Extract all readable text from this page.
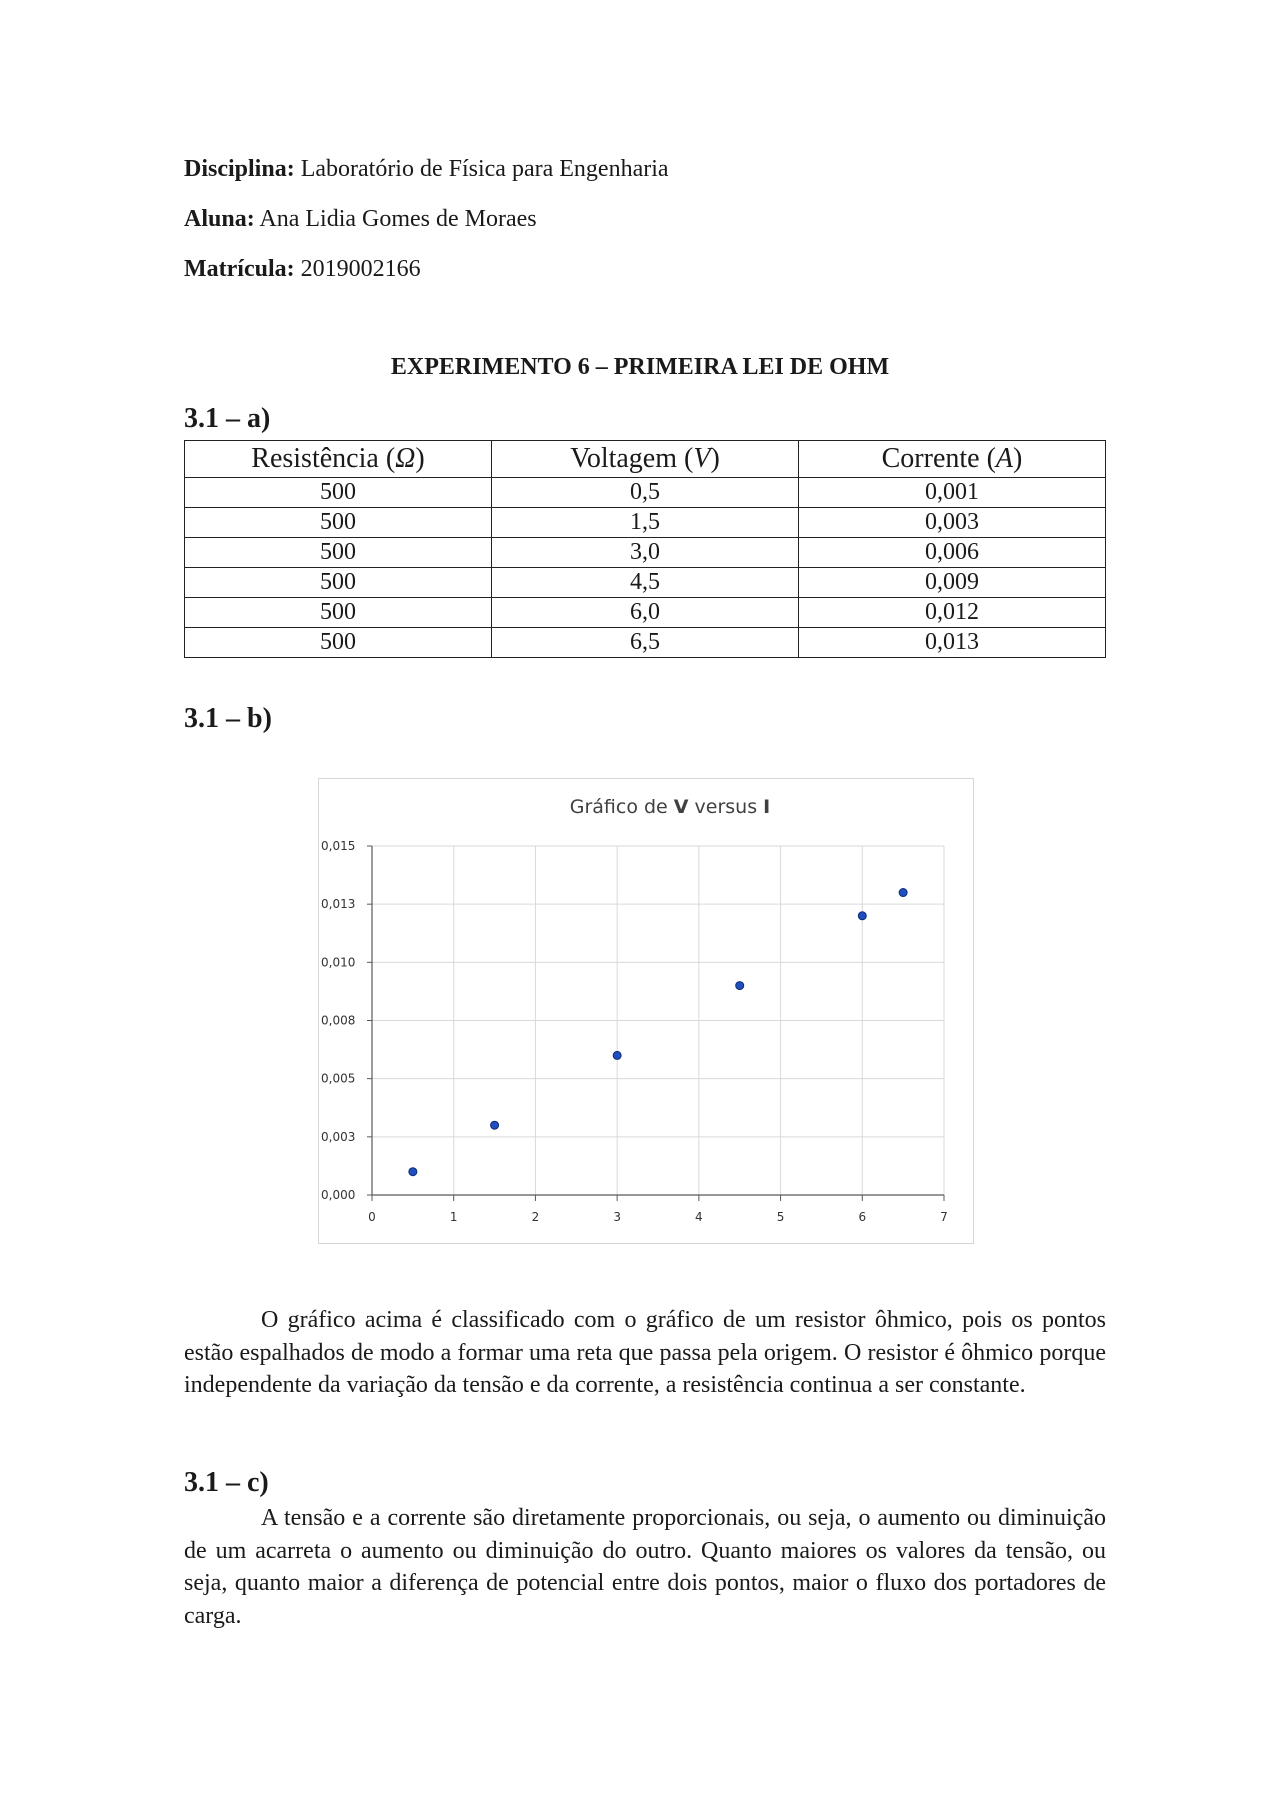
Disciplina: Laboratório de Física para Engenharia
Aluna: Ana Lidia Gomes de Moraes
Matrícula: 2019002166
EXPERIMENTO 6 – PRIMEIRA LEI DE OHM
3.1 – a)
Resistência (Ω)	Voltagem (V)	Corrente (A)
500	0,5	0,001
500	1,5	0,003
500	3,0	0,006
500	4,5	0,009
500	6,0	0,012
500	6,5	0,013
3.1 – b)
Gráfico de V versus I
0	1	2	3	4	5	6	7
0,000
0,003
0,005
0,008
0,010
0,013
0,015
O gráfico acima é classificado com o gráfico de um resistor ôhmico, pois os pontos estão espalhados de modo a formar uma reta que passa pela origem. O resistor é ôhmico porque independente da variação da tensão e da corrente, a resistência continua a ser constante.
3.1 – c)
A tensão e a corrente são diretamente proporcionais, ou seja, o aumento ou diminuição de um acarreta o aumento ou diminuição do outro. Quanto maiores os valores da tensão, ou seja, quanto maior a diferença de potencial entre dois pontos, maior o fluxo dos portadores de carga.
